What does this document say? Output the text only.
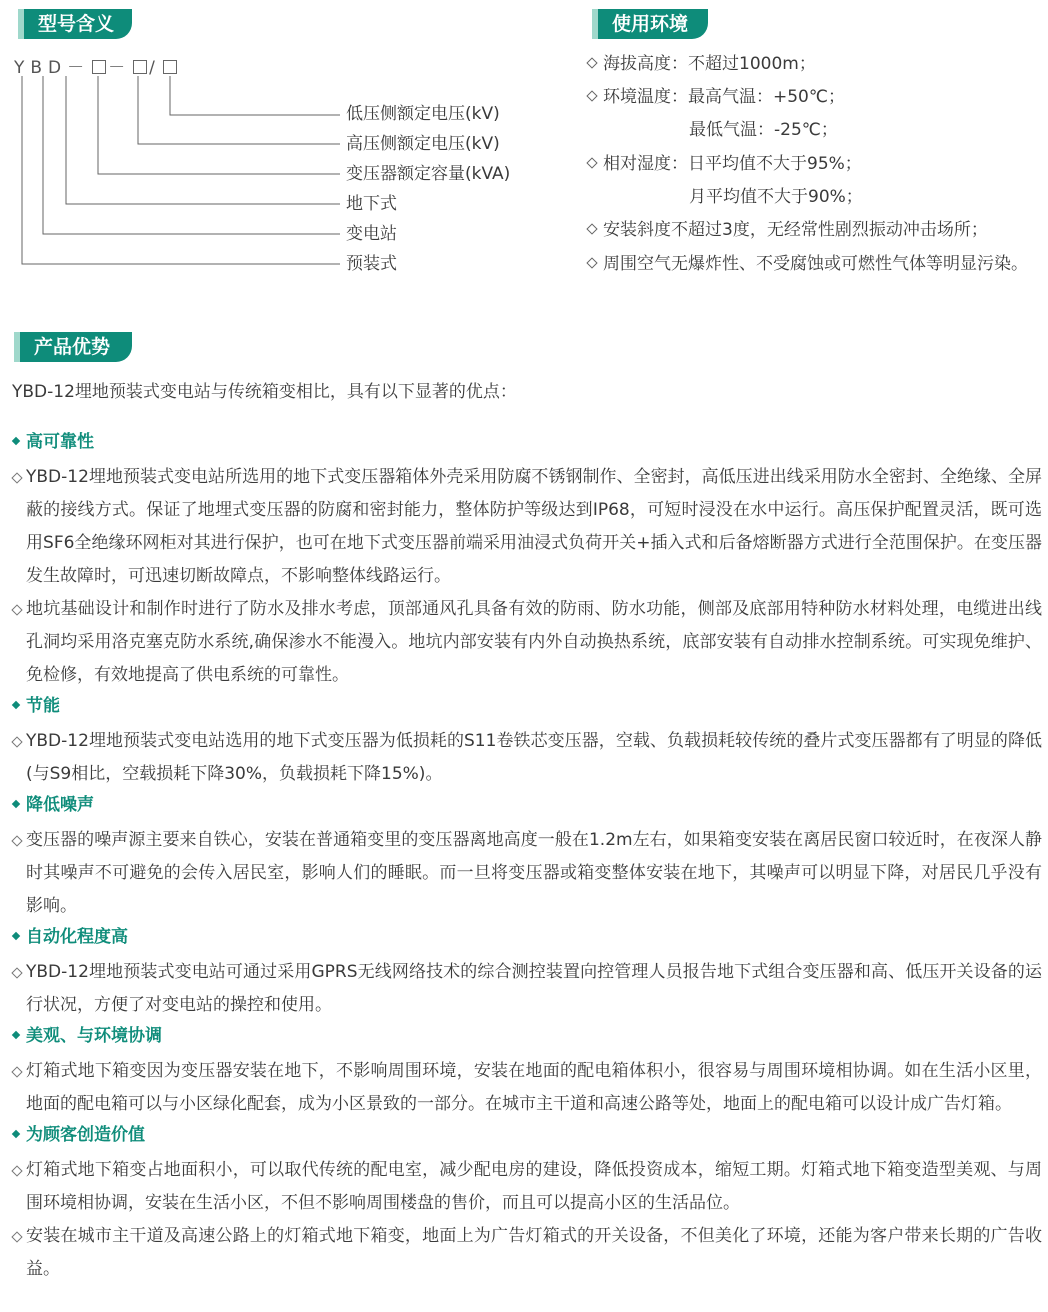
型号含义
YBD－ － /
低压侧额定电压(kV)
高压侧额定电压(kV)
变压器额定容量(kVA)
地下式
变电站
预装式
使用环境
海拔高度：不超过1000m；
环境温度：最高气温：+50℃；
最低气温：-25℃；
相对湿度：日平均值不大于95%；
月平均值不大于90%；
安装斜度不超过3度，无经常性剧烈振动冲击场所；
周围空气无爆炸性、不受腐蚀或可燃性气体等明显污染。
产品优势
YBD-12埋地预装式变电站与传统箱变相比，具有以下显著的优点：
高可靠性
YBD-12埋地预装式变电站所选用的地下式变压器箱体外壳采用防腐不锈钢制作、全密封，高低压进出线采用防水全密封、全绝缘、全屏蔽的接线方式。保证了地埋式变压器的防腐和密封能力，整体防护等级达到IP68，可短时浸没在水中运行。高压保护配置灵活，既可选用SF6全绝缘环网柜对其进行保护，也可在地下式变压器前端采用油浸式负荷开关+插入式和后备熔断器方式进行全范围保护。在变压器发生故障时，可迅速切断故障点，不影响整体线路运行。
地坑基础设计和制作时进行了防水及排水考虑，顶部通风孔具备有效的防雨、防水功能，侧部及底部用特种防水材料处理，电缆进出线孔洞均采用洛克塞克防水系统,确保渗水不能漫入。地坑内部安装有内外自动换热系统，底部安装有自动排水控制系统。可实现免维护、免检修，有效地提高了供电系统的可靠性。
节能
YBD-12埋地预装式变电站选用的地下式变压器为低损耗的S11卷铁芯变压器，空载、负载损耗较传统的叠片式变压器都有了明显的降低(与S9相比，空载损耗下降30%，负载损耗下降15%)。
降低噪声
变压器的噪声源主要来自铁心，安装在普通箱变里的变压器离地高度一般在1.2m左右，如果箱变安装在离居民窗口较近时，在夜深人静时其噪声不可避免的会传入居民室，影响人们的睡眠。而一旦将变压器或箱变整体安装在地下，其噪声可以明显下降，对居民几乎没有影响。
自动化程度高
YBD-12埋地预装式变电站可通过采用GPRS无线网络技术的综合测控装置向控管理人员报告地下式组合变压器和高、低压开关设备的运行状况，方便了对变电站的操控和使用。
美观、与环境协调
灯箱式地下箱变因为变压器安装在地下，不影响周围环境，安装在地面的配电箱体积小，很容易与周围环境相协调。如在生活小区里，地面的配电箱可以与小区绿化配套，成为小区景致的一部分。在城市主干道和高速公路等处，地面上的配电箱可以设计成广告灯箱。
为顾客创造价值
灯箱式地下箱变占地面积小，可以取代传统的配电室，减少配电房的建设，降低投资成本，缩短工期。灯箱式地下箱变造型美观、与周围环境相协调，安装在生活小区，不但不影响周围楼盘的售价，而且可以提高小区的生活品位。
安装在城市主干道及高速公路上的灯箱式地下箱变，地面上为广告灯箱式的开关设备，不但美化了环境，还能为客户带来长期的广告收益。
